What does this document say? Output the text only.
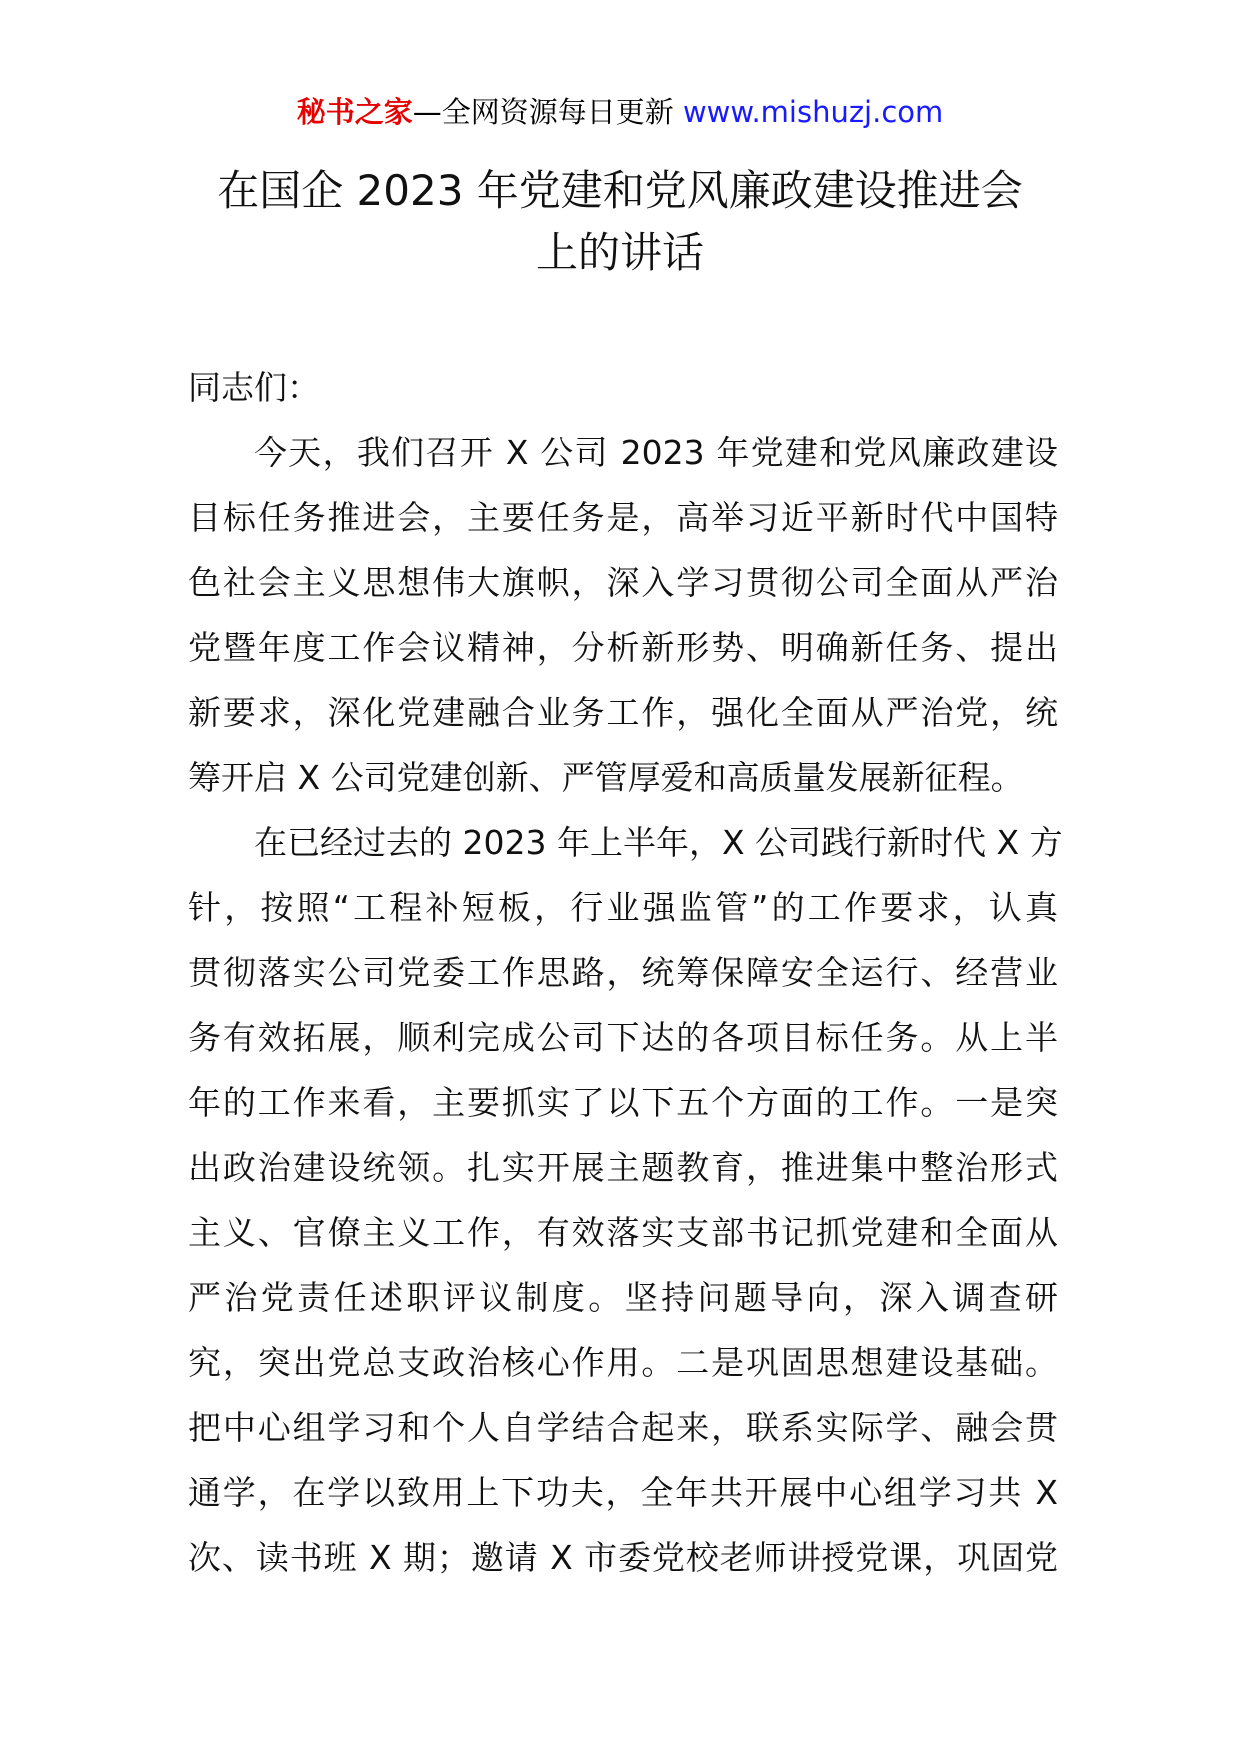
秘书之家—全网资源每日更新 www.mishuzj.com
在国企 2023 年党建和党风廉政建设推进会
上的讲话

同志们：

今天，我们召开 X 公司 2023 年党建和党风廉政建设
目标任务推进会，主要任务是，高举习近平新时代中国特
色社会主义思想伟大旗帜，深入学习贯彻公司全面从严治
党暨年度工作会议精神，分析新形势、明确新任务、提出
新要求，深化党建融合业务工作，强化全面从严治党，统
筹开启 X 公司党建创新、严管厚爱和高质量发展新征程。
在已经过去的 2023 年上半年，X 公司践行新时代 X 方
针，按照“工程补短板，行业强监管”的工作要求，认真
贯彻落实公司党委工作思路，统筹保障安全运行、经营业
务有效拓展，顺利完成公司下达的各项目标任务。从上半
年的工作来看，主要抓实了以下五个方面的工作。一是突
出政治建设统领。扎实开展主题教育，推进集中整治形式
主义、官僚主义工作，有效落实支部书记抓党建和全面从
严治党责任述职评议制度。坚持问题导向，深入调查研
究，突出党总支政治核心作用。二是巩固思想建设基础。
把中心组学习和个人自学结合起来，联系实际学、融会贯
通学，在学以致用上下功夫，全年共开展中心组学习共 X
次、读书班 X 期；邀请 X 市委党校老师讲授党课，巩固党
